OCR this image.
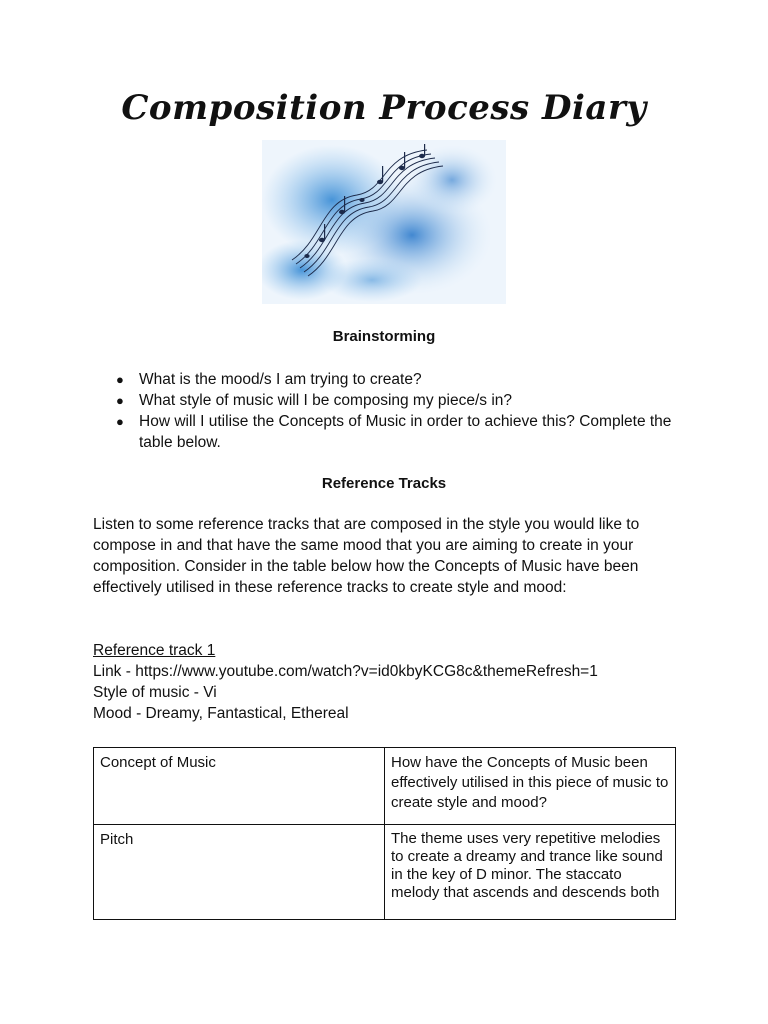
Composition Process Diary
Brainstorming
● What is the mood/s I am trying to create?
● What style of music will I be composing my piece/s in?
● How will I utilise the Concepts of Music in order to achieve this? Complete the table below.
Reference Tracks

Listen to some reference tracks that are composed in the style you would like to compose in and that have the same mood that you are aiming to create in your composition. Consider in the table below how the Concepts of Music have been effectively utilised in these reference tracks to create style and mood:

Reference track 1
Link - https://www.youtube.com/watch?v=id0kbyKCG8c&themeRefresh=1
Style of music - Vi
Mood - Dreamy, Fantastical, Ethereal
Concept of Music	How have the Concepts of Music been effectively utilised in this piece of music to create style and mood?
Pitch	The theme uses very repetitive melodies to create a dreamy and trance like sound in the key of D minor. The staccato melody that ascends and descends both
